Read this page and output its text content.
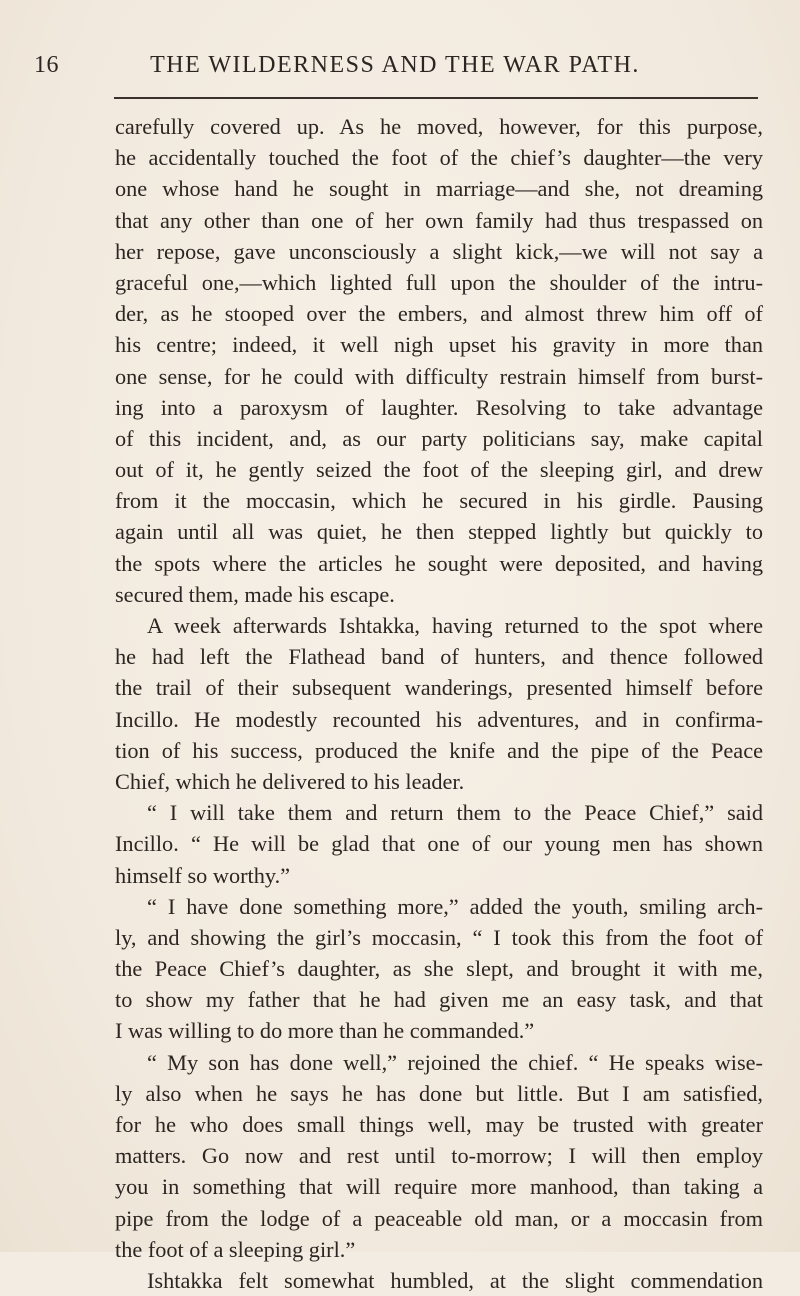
16	THE WILDERNESS AND THE WAR PATH.
carefully covered up. As he moved, however, for this purpose,
he accidentally touched the foot of the chief’s daughter—the very
one whose hand he sought in marriage—and she, not dreaming
that any other than one of her own family had thus trespassed on
her repose, gave unconsciously a slight kick,—we will not say a
graceful one,—which lighted full upon the shoulder of the intru-
der, as he stooped over the embers, and almost threw him off of
his centre; indeed, it well nigh upset his gravity in more than
one sense, for he could with difficulty restrain himself from burst-
ing into a paroxysm of laughter. Resolving to take advantage
of this incident, and, as our party politicians say, make capital
out of it, he gently seized the foot of the sleeping girl, and drew
from it the moccasin, which he secured in his girdle. Pausing
again until all was quiet, he then stepped lightly but quickly to
the spots where the articles he sought were deposited, and having
secured them, made his escape.
A week afterwards Ishtakka, having returned to the spot where
he had left the Flathead band of hunters, and thence followed
the trail of their subsequent wanderings, presented himself before
Incillo. He modestly recounted his adventures, and in confirma-
tion of his success, produced the knife and the pipe of the Peace
Chief, which he delivered to his leader.
“ I will take them and return them to the Peace Chief,” said
Incillo. “ He will be glad that one of our young men has shown
himself so worthy.”
“ I have done something more,” added the youth, smiling arch-
ly, and showing the girl’s moccasin, “ I took this from the foot of
the Peace Chief’s daughter, as she slept, and brought it with me,
to show my father that he had given me an easy task, and that
I was willing to do more than he commanded.”
“ My son has done well,” rejoined the chief. “ He speaks wise-
ly also when he says he has done but little. But I am satisfied,
for he who does small things well, may be trusted with greater
matters. Go now and rest until to-morrow; I will then employ
you in something that will require more manhood, than taking a
pipe from the lodge of a peaceable old man, or a moccasin from
the foot of a sleeping girl.”
Ishtakka felt somewhat humbled, at the slight commendation
